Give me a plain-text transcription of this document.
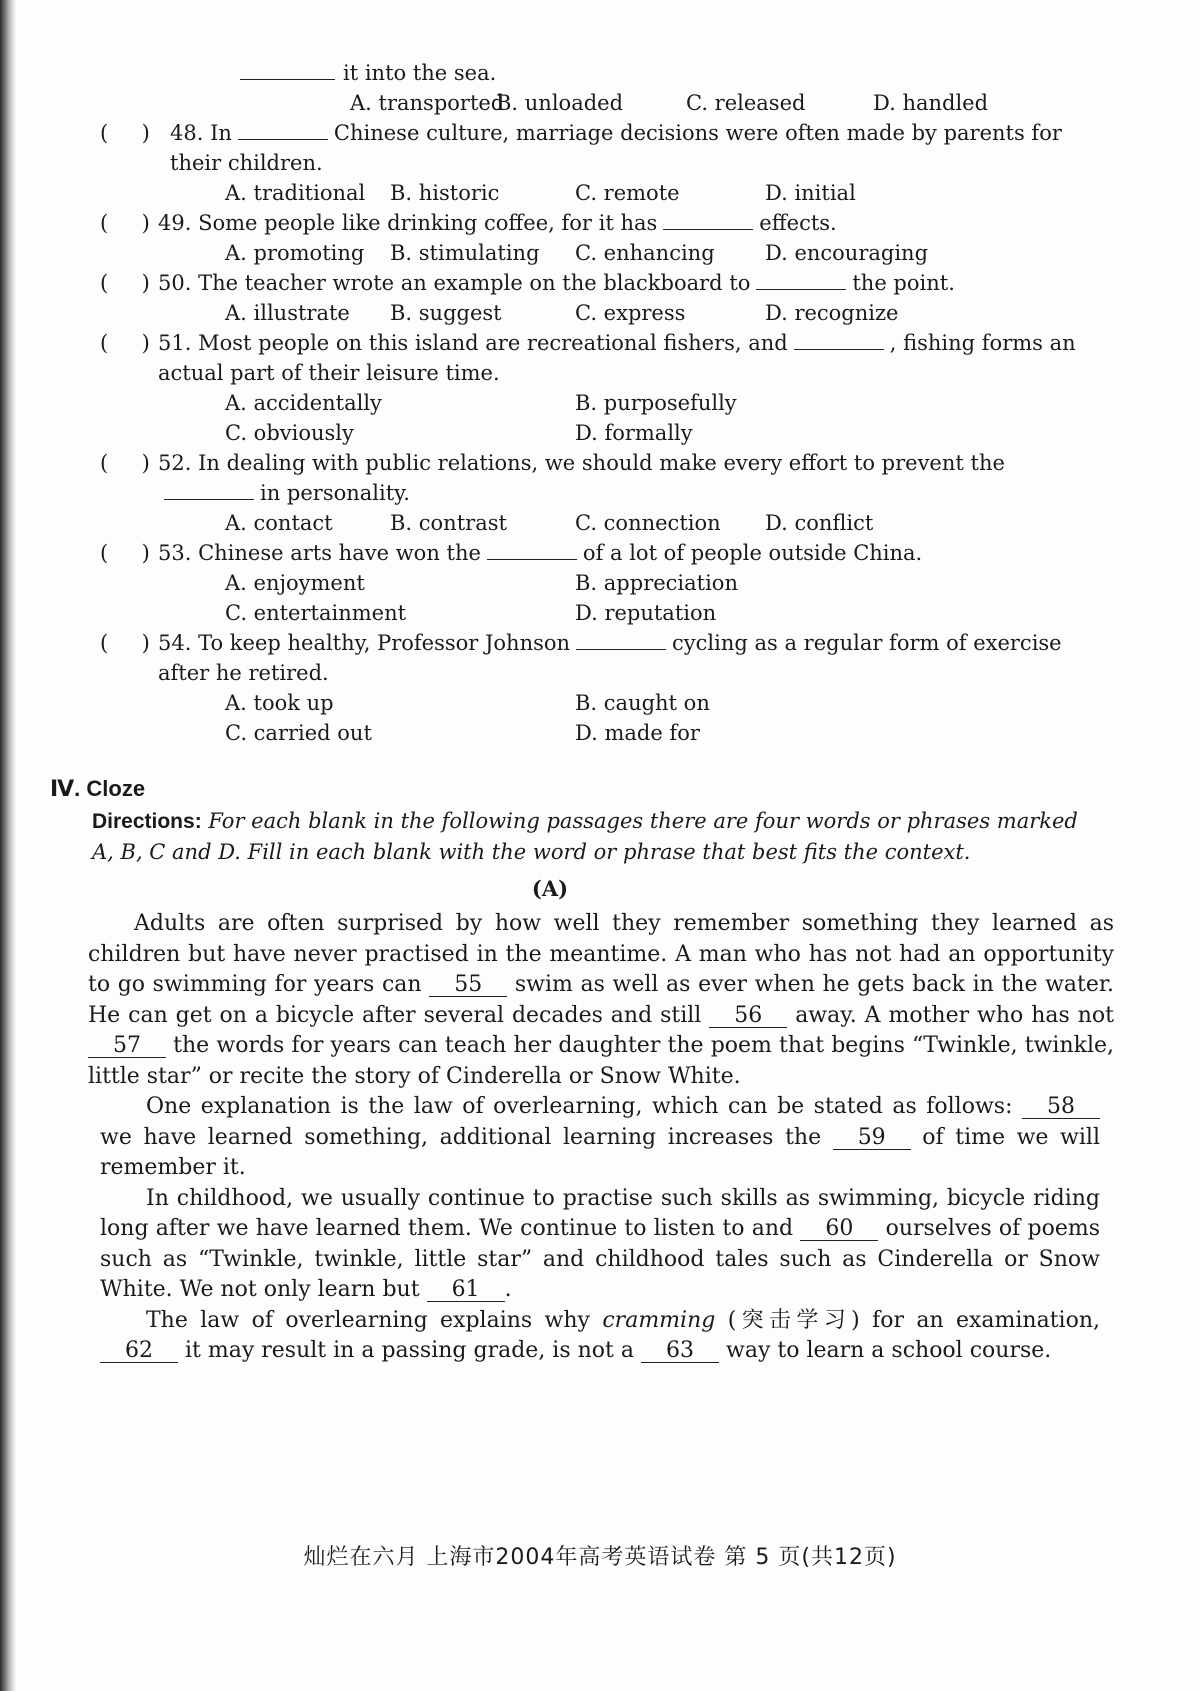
it into the sea.
A. transported
B. unloaded	C. released	D. handled
(     ) 48. In	Chinese culture, marriage decisions were often made by parents for their children.
A. traditional B. historic	C. remote	D. initial
(     ) 49. Some people like drinking coffee, for it has	effects.
A. promoting B. stimulating C. enhancing D. encouraging
(     ) 50. The teacher wrote an example on the blackboard to	the point.
A. illustrate B. suggest	C. express	D. recognize
(     ) 51. Most people on this island are recreational fishers, and	, fishing forms an actual part of their leisure time.
A. accidentally	B. purposefully
C. obviously	D. formally
(     ) 52. In dealing with public relations, we should make every effort to prevent thein personality.
A. contact	B. contrast	C. connection D. conflict
(     ) 53. Chinese arts have won the	of a lot of people outside China.
A. enjoyment	B. appreciation
C. entertainment	D. reputation
(     ) 54. To keep healthy, Professor Johnson	cycling as a regular form of exercise after he retired.
A. took up	B. caught on
C. carried out	D. made for
Ⅳ. Cloze
Directions: For each blank in the following passages there are four words or phrases marked A, B, C and D. Fill in each blank with the word or phrase that best fits the context.
(A)

Adults are often surprised by how well they remember something they learned as children but have never practised in the meantime. A man who has not had an opportunity to go swimming for years can 55 swim as well as ever when he gets back in the water. He can get on a bicycle after several decades and still 56 away. A mother who has not 57 the words for years can teach her daughter the poem that begins “Twinkle, twinkle, little star” or recite the story of Cinderella or Snow White.

One explanation is the law of overlearning, which can be stated as follows: 58 we have learned something, additional learning increases the 59 of time we will remember it.

In childhood, we usually continue to practise such skills as swimming, bicycle riding long after we have learned them. We continue to listen to and 60 ourselves of poems such as “Twinkle, twinkle, little star” and childhood tales such as Cinderella or Snow White. We not only learn but 61 .

The law of overlearning explains why cramming (突击学习) for an examination, 62 it may result in a passing grade, is not a 63 way to learn a school course.

灿烂在六月 上海市2004年高考英语试卷 第 5 页(共12页)
